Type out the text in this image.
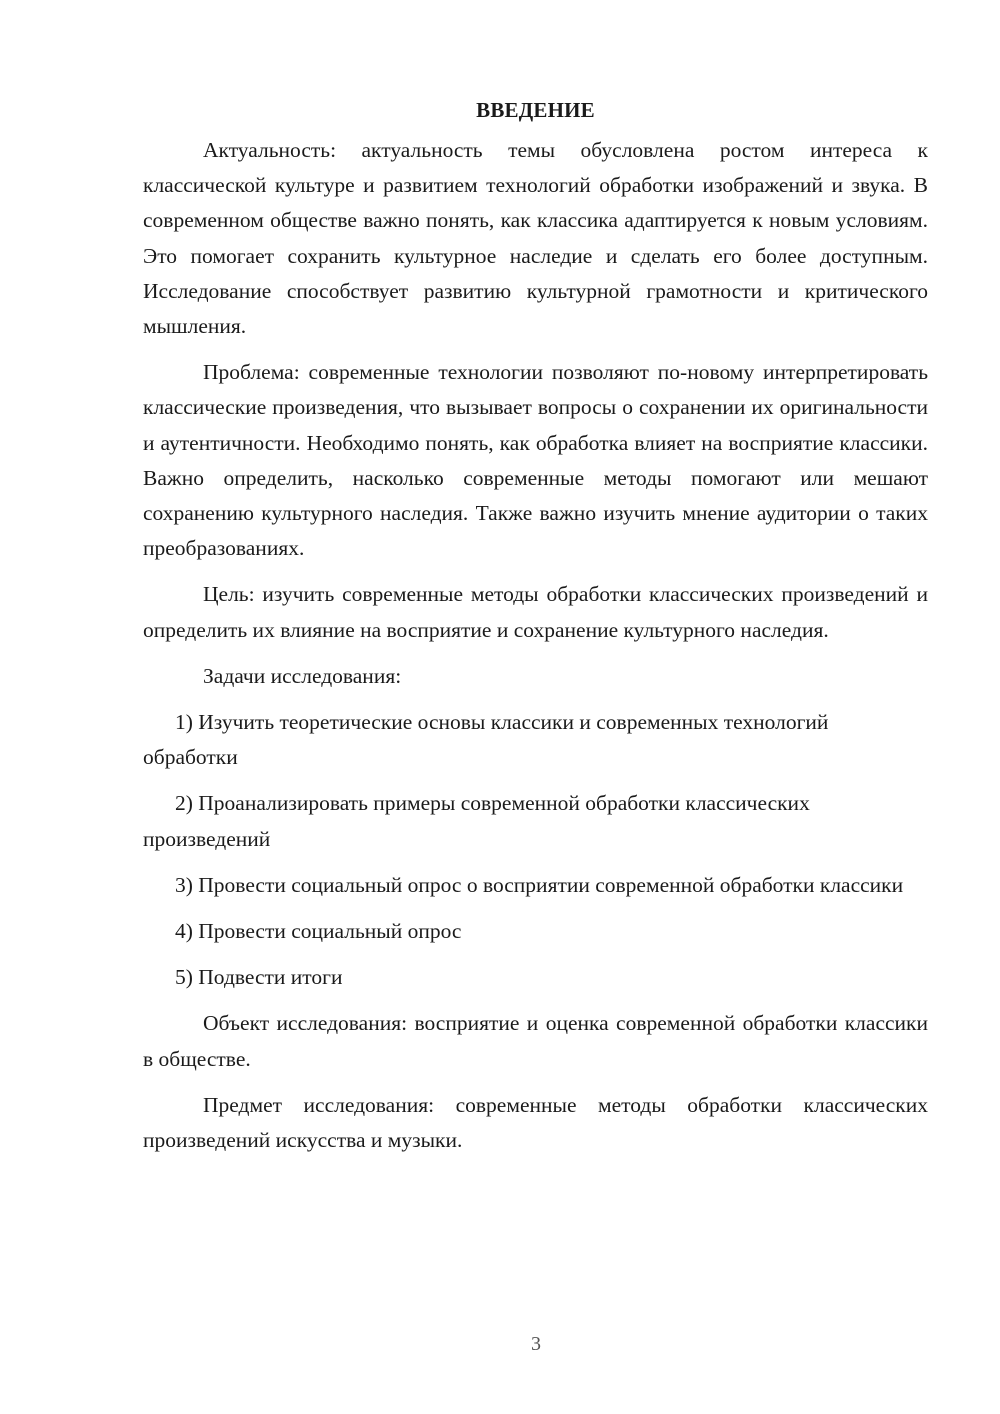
ВВЕДЕНИЕ

Актуальность: актуальность темы обусловлена ростом интереса к классической культуре и развитием технологий обработки изображений и звука. В современном обществе важно понять, как классика адаптируется к новым условиям. Это помогает сохранить культурное наследие и сделать его более доступным. Исследование способствует развитию культурной грамотности и критического мышления.

Проблема: современные технологии позволяют по-новому интерпретировать классические произведения, что вызывает вопросы о сохранении их оригинальности и аутентичности. Необходимо понять, как обработка влияет на восприятие классики. Важно определить, насколько современные методы помогают или мешают сохранению культурного наследия. Также важно изучить мнение аудитории о таких преобразованиях.

Цель: изучить современные методы обработки классических произведений и определить их влияние на восприятие и сохранение культурного наследия.

Задачи исследования:

1) Изучить теоретические основы классики и современных технологий обработки

2) Проанализировать примеры современной обработки классических произведений

3) Провести социальный опрос о восприятии современной обработки классики

4) Провести социальный опрос

5) Подвести итоги

Объект исследования: восприятие и оценка современной обработки классики в обществе.

Предмет исследования: современные методы обработки классических произведений искусства и музыки.

3
